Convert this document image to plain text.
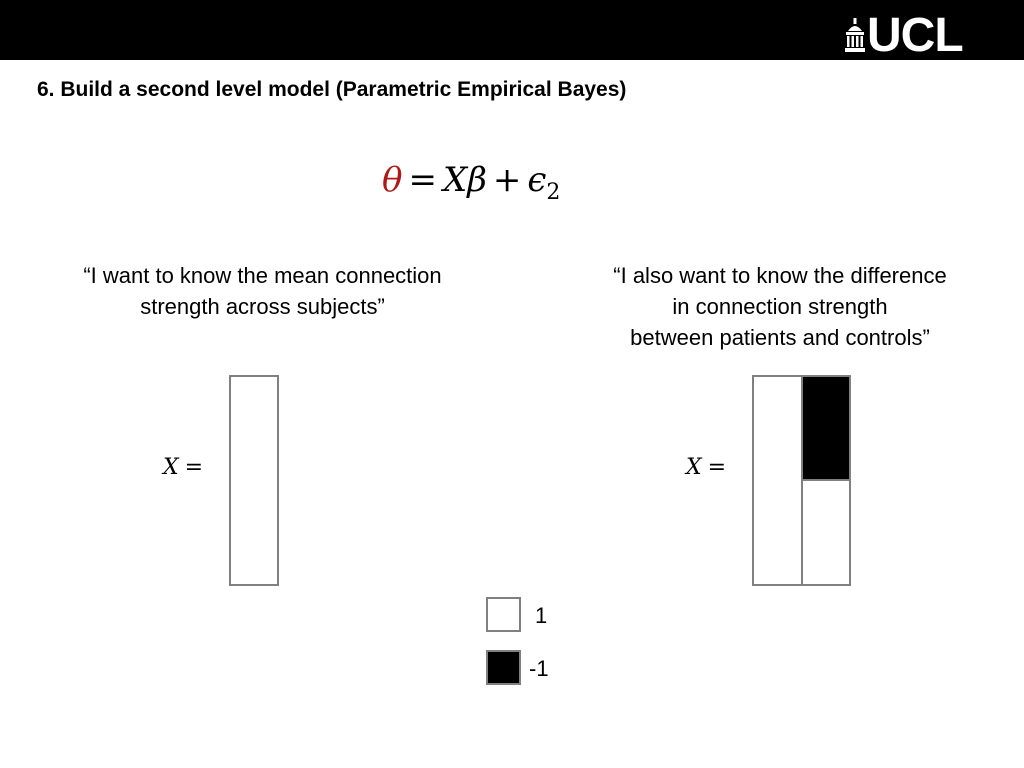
UCL
6. Build a second level model (Parametric Empirical Bayes)
$\theta = X\beta + \epsilon_2$
“I want to know the mean connection
strength across subjects”
“I also want to know the difference
in connection strength
between patients and controls”
X =	X =
1
-1
